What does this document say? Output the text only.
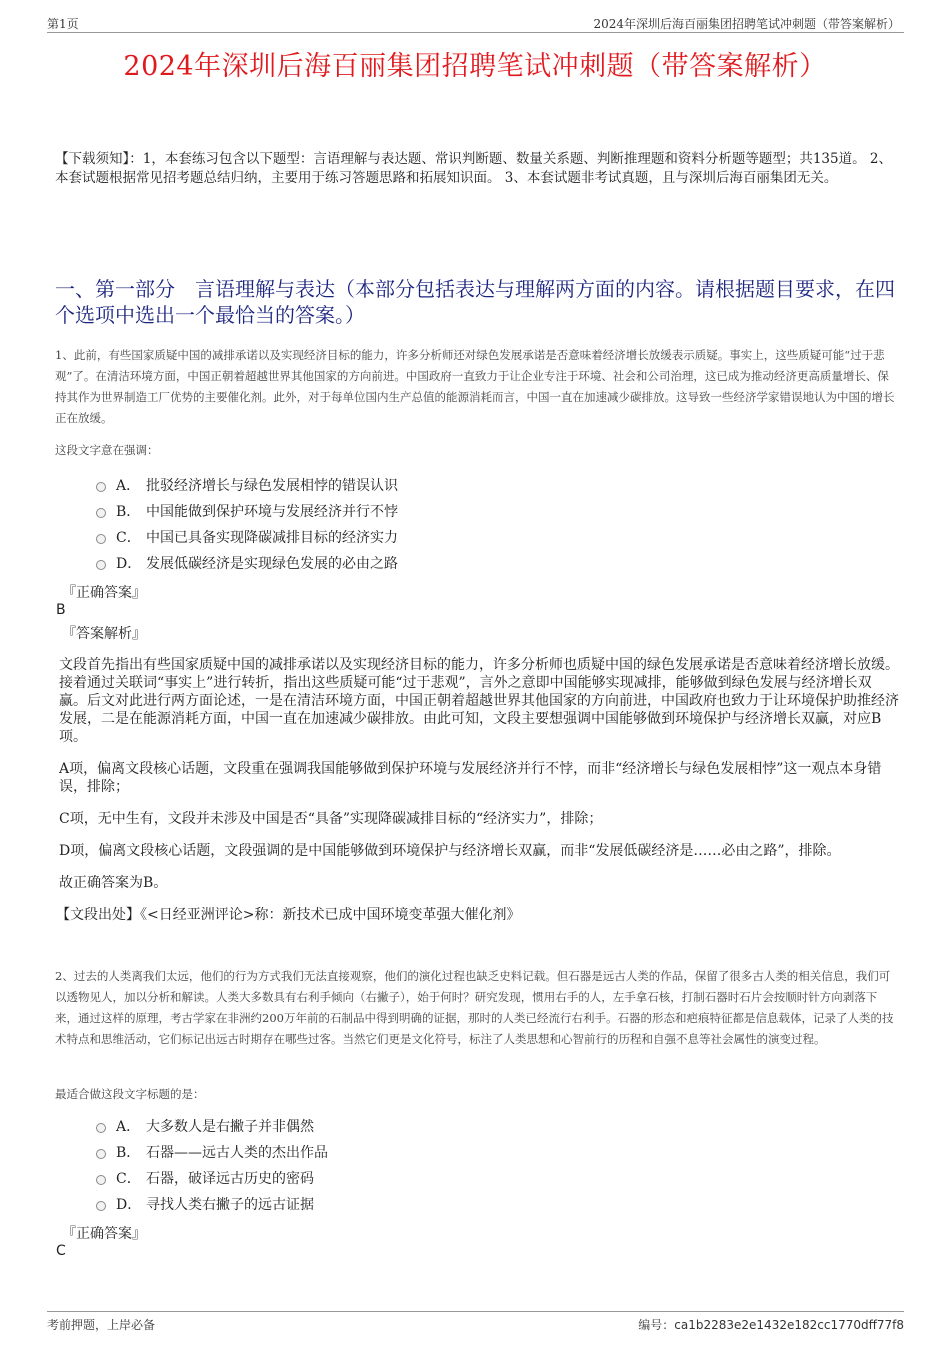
第1页	2024年深圳后海百丽集团招聘笔试冲刺题（带答案解析）
2024年深圳后海百丽集团招聘笔试冲刺题（带答案解析）
【下载须知】：1，本套练习包含以下题型：言语理解与表达题、常识判断题、数量关系题、判断推理题和资料分析题等题型；共135道。 2、本套试题根据常见招考题总结归纳，主要用于练习答题思路和拓展知识面。 3、本套试题非考试真题，且与深圳后海百丽集团无关。
一、第一部分　言语理解与表达（本部分包括表达与理解两方面的内容。请根据题目要求，在四个选项中选出一个最恰当的答案。）
1、此前，有些国家质疑中国的减排承诺以及实现经济目标的能力，许多分析师还对绿色发展承诺是否意味着经济增长放缓表示质疑。事实上，这些质疑可能“过于悲观”了。在清洁环境方面，中国正朝着超越世界其他国家的方向前进。中国政府一直致力于让企业专注于环境、社会和公司治理，这已成为推动经济更高质量增长、保持其作为世界制造工厂优势的主要催化剂。此外，对于每单位国内生产总值的能源消耗而言，中国一直在加速减少碳排放。这导致一些经济学家错误地认为中国的增长正在放缓。
这段文字意在强调：
A． 批驳经济增长与绿色发展相悖的错误认识
B． 中国能做到保护环境与发展经济并行不悖
C． 中国已具备实现降碳减排目标的经济实力
D． 发展低碳经济是实现绿色发展的必由之路
『正确答案』
B
『答案解析』

文段首先指出有些国家质疑中国的减排承诺以及实现经济目标的能力，许多分析师也质疑中国的绿色发展承诺是否意味着经济增长放缓。接着通过关联词“事实上”进行转折，指出这些质疑可能“过于悲观”，言外之意即中国能够实现减排，能够做到绿色发展与经济增长双赢。后文对此进行两方面论述，一是在清洁环境方面，中国正朝着超越世界其他国家的方向前进，中国政府也致力于让环境保护助推经济发展，二是在能源消耗方面，中国一直在加速减少碳排放。由此可知，文段主要想强调中国能够做到环境保护与经济增长双赢，对应B项。

A项，偏离文段核心话题，文段重在强调我国能够做到保护环境与发展经济并行不悖，而非“经济增长与绿色发展相悖”这一观点本身错误，排除；

C项，无中生有，文段并未涉及中国是否“具备”实现降碳减排目标的“经济实力”，排除；

D项，偏离文段核心话题，文段强调的是中国能够做到环境保护与经济增长双赢，而非“发展低碳经济是……必由之路”，排除。

故正确答案为B。

【文段出处】《<日经亚洲评论>称：新技术已成中国环境变革强大催化剂》

2、过去的人类离我们太远，他们的行为方式我们无法直接观察，他们的演化过程也缺乏史料记载。但石器是远古人类的作品，保留了很多古人类的相关信息，我们可以透物见人，加以分析和解读。人类大多数具有右利手倾向（右撇子），始于何时？研究发现，惯用右手的人，左手拿石核，打制石器时石片会按顺时针方向剥落下来，通过这样的原理，考古学家在非洲约200万年前的石制品中得到明确的证据，那时的人类已经流行右利手。石器的形态和疤痕特征都是信息载体，记录了人类的技术特点和思维活动，它们标记出远古时期存在哪些过客。当然它们更是文化符号，标注了人类思想和心智前行的历程和自强不息等社会属性的演变过程。
最适合做这段文字标题的是：
A． 大多数人是右撇子并非偶然
B． 石器——远古人类的杰出作品
C． 石器，破译远古历史的密码
D． 寻找人类右撇子的远古证据
『正确答案』
C
考前押题，上岸必备	编号：ca1b2283e2e1432e182cc1770dff77f8
